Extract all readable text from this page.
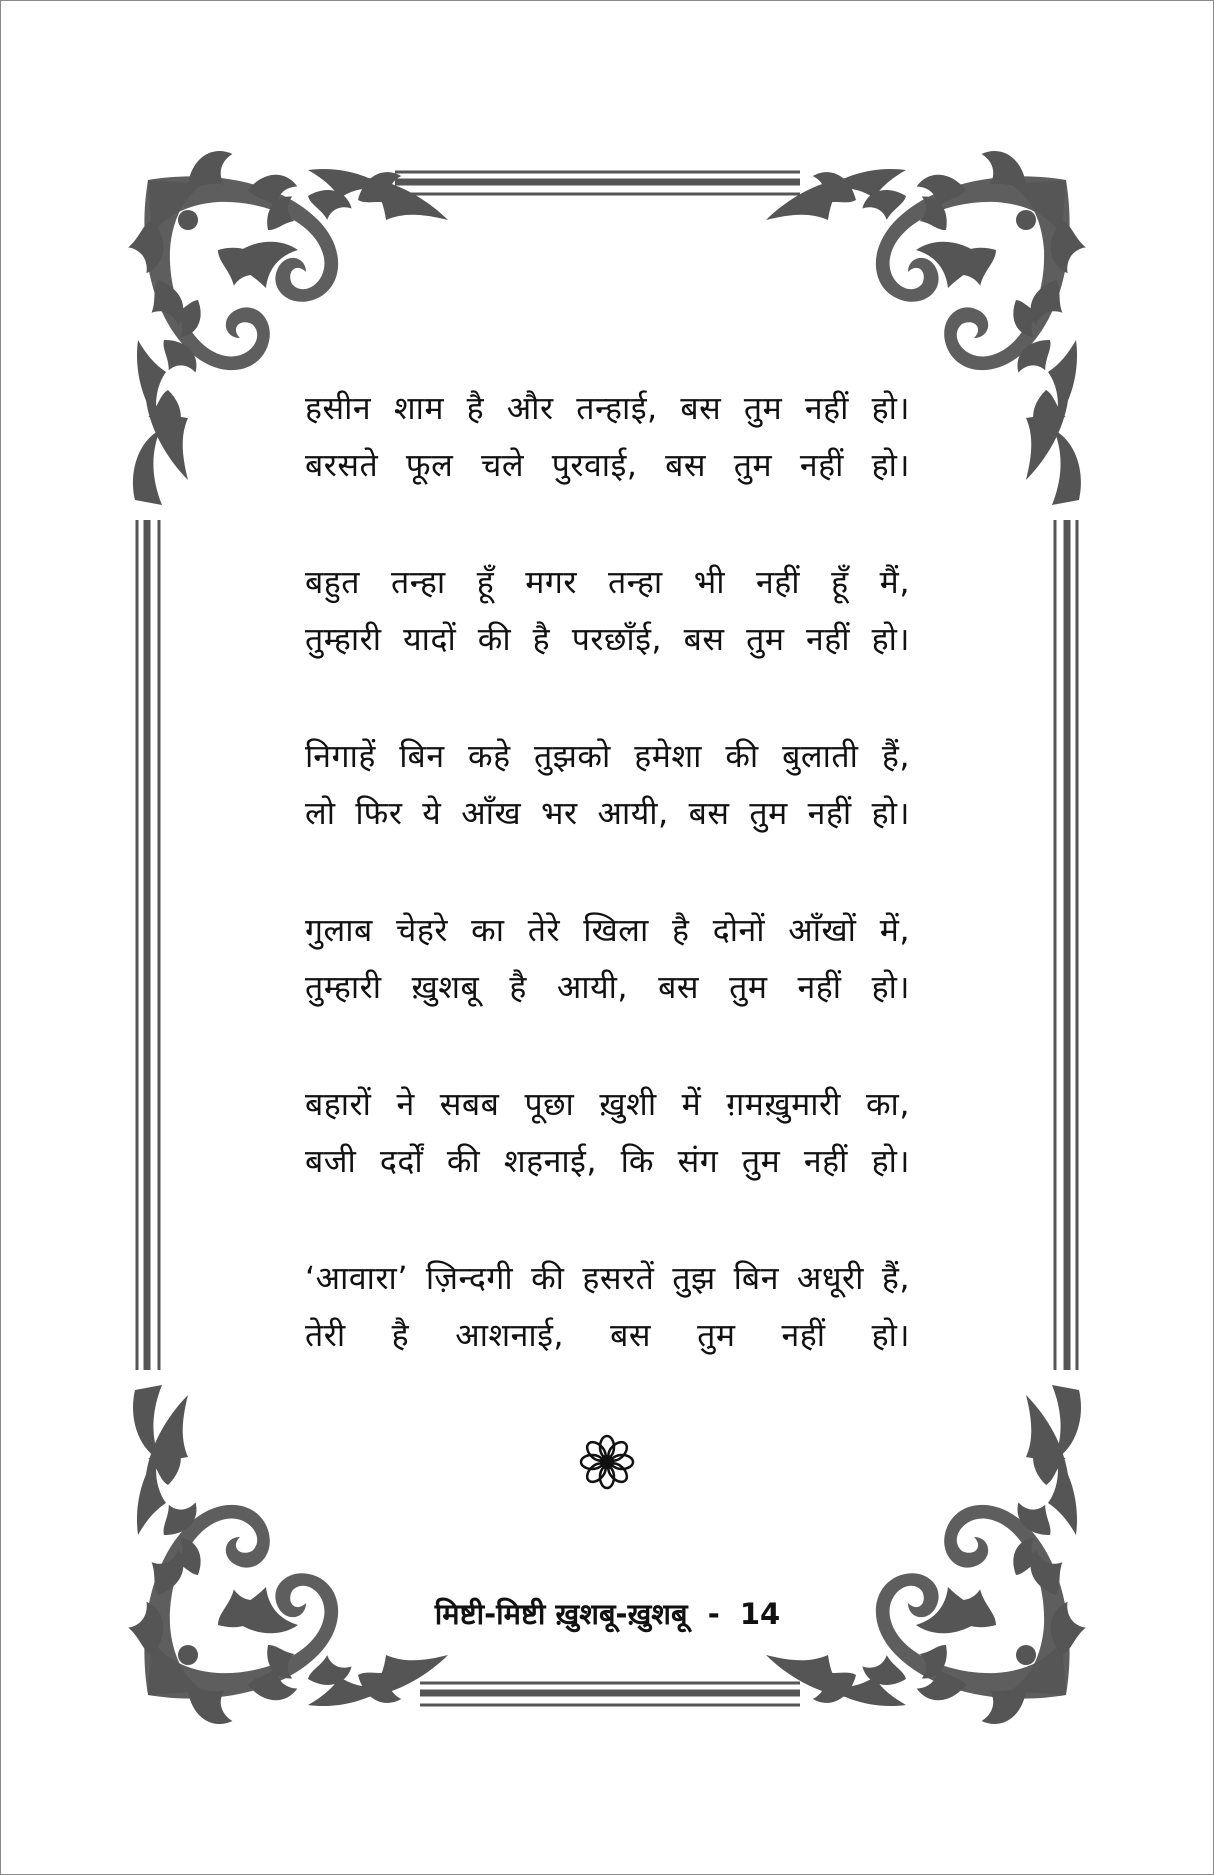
हसीन शाम है और तन्हाई, बस तुम नहीं हो।
बरसते फूल चले पुरवाई, बस तुम नहीं हो।
बहुत तन्हा हूँ मगर तन्हा भी नहीं हूँ मैं,
तुम्हारी यादों की है परछाँई, बस तुम नहीं हो।
निगाहें बिन कहे तुझको हमेशा की बुलाती हैं,
लो फिर ये आँख भर आयी, बस तुम नहीं हो।
गुलाब चेहरे का तेरे खिला है दोनों आँखों में,
तुम्हारी ख़ुशबू है आयी, बस तुम नहीं हो।
बहारों ने सबब पूछा ख़ुशी में ग़मख़ुमारी का,
बजी दर्दों की शहनाई, कि संग तुम नहीं हो।
‘आवारा’ ज़िन्दगी की हसरतें तुझ बिन अधूरी हैं,
तेरी है आशनाई, बस तुम नहीं हो।
मिष्टी-मिष्टी ख़ुशबू-ख़ुशबू - 14
